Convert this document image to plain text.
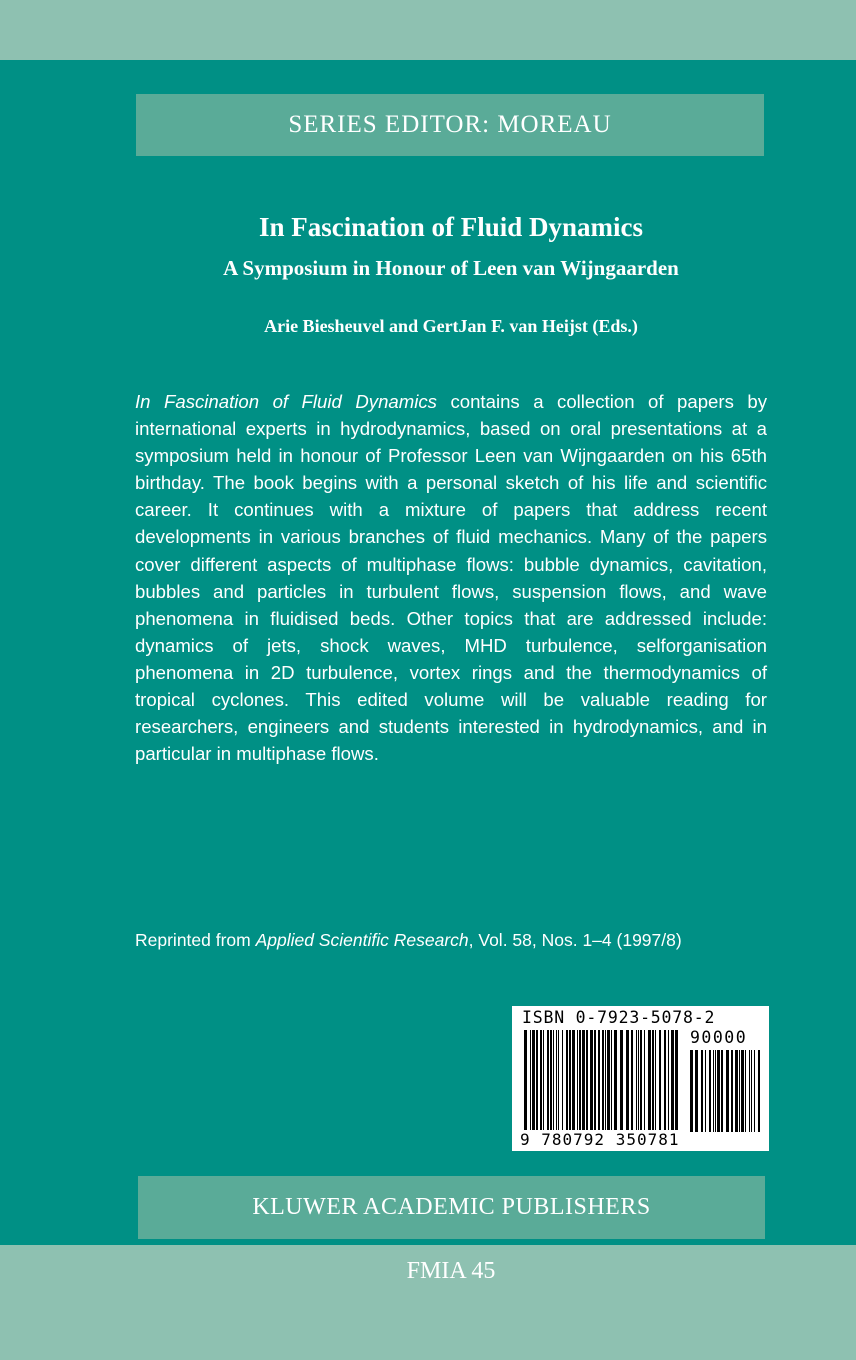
SERIES EDITOR: MOREAU
In Fascination of Fluid Dynamics
A Symposium in Honour of Leen van Wijngaarden
Arie Biesheuvel and GertJan F. van Heijst (Eds.)
In Fascination of Fluid Dynamics contains a collection of papers by international experts in hydrodynamics, based on oral presentations at a symposium held in honour of Professor Leen van Wijngaarden on his 65th birthday. The book begins with a personal sketch of his life and scientific career. It continues with a mixture of papers that address recent developments in various branches of fluid mechanics. Many of the papers cover different aspects of multiphase flows: bubble dynamics, cavitation, bubbles and particles in turbulent flows, suspension flows, and wave phenomena in fluidised beds. Other topics that are addressed include: dynamics of jets, shock waves, MHD turbulence, selforganisation phenomena in 2D turbulence, vortex rings and the thermodynamics of tropical cyclones. This edited volume will be valuable reading for researchers, engineers and students interested in hydrodynamics, and in particular in multiphase flows.
Reprinted from Applied Scientific Research, Vol. 58, Nos. 1–4 (1997/8)
ISBN 0-7923-5078-2
90000
9 780792 350781
KLUWER ACADEMIC PUBLISHERS
FMIA 45
